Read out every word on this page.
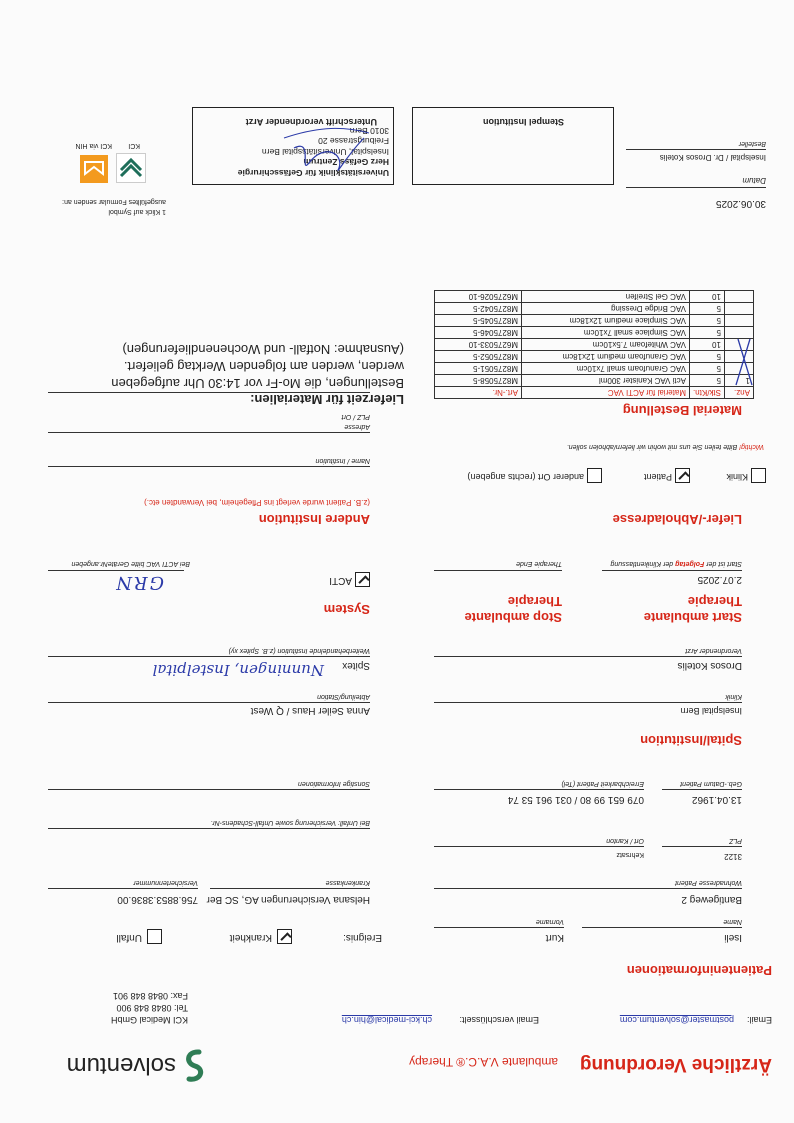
Ärztliche Verordnung
ambulante V.A.C.® Therapy
solventum
Email:
postmaster@solventum.com
Email verschlüsselt:
ch.kci-medical@hin.ch
KCI Medical GmbH
Tel: 0848 848 900
Fax: 0848 848 901
Patienteninformationen
Iseli
Name
Kurt
Vorname
Ereignis:
Krankheit
Unfall
Bantigeweg 2
Wohnadresse Patient
Helsana Versicherungen AG, SC Ber
Krankenkasse
756.8853.3836.00
Versichertennummer
3122
PLZ
Kehrsatz
Ort / Kanton
Bei Unfall: Versicherung sowie Unfall-Schadens-Nr.
13.04.1962
Geb.-Datum Patient
079 651 99 80 / 031 961 53 74
Erreichbarkeit Patient (Tel)
Sonstige Informationen
Spital/Institution
Inselspital Bern
Klinik
Anna Seiler Haus / Q West
Abteilung/Station
Drosos Kotelis
Verordnender Arzt
Spitex
Nunningen, Instelpital
Weiterbehandelnde Institution (z.B. Spitex xy)
Start ambulante Therapie
Stop ambulante Therapie
System
2.07.2025
Start ist der Folgetag der Klinikentlassung
Therapie Ende
ACTI
GRN
Bei ACTI VAC bitte GeräteNr.angeben
Liefer-/Abholadresse
Andere Institution
(z.B. Patient wurde verlegt ins Pflegeheim, bei Verwandten etc.)
Klinik
Patient
anderer Ort (rechts angeben)
Wichtig! Bitte teilen Sie uns mit wohin wir liefern/abholen sollen.
Name / Institution
Adresse
PLZ / Ort	Material Bestellung
Anz.	Stk/Ktn.	Material für ACTI VAC	Art.-Nr.
1	5	Acti VAC Kanister 300ml	M8275058-5
	5	VAC Granufoam small 7x10cm	M8275051-5
	5	VAC Granufoam medium 12x18cm	M8275052-5
	10	VAC Whitefoam 7.5x10cm	M6275033-10
	5	VAC Simplace small 7x10cm	M8275046-5
	5	VAC Simplace medium 12x18cm	M8275045-5
	5	VAC Bridge Dressing	M8275042-5
	10	VAC Gel Streifen	M6275026-10
Lieferzeit für Materialien:
Bestellungen, die Mo-Fr vor 14:30 Uhr aufgegeben
werden, werden am folgenden Werktag geliefert.
(Ausnahme: Notfall- und Wochenendlieferungen)
30.06.2025
Datum
Inselspital / Dr. Drosos Kotelis
Besteller
Stempel Institution
Universitätsklinik für Gefässchirurgie
Herz Gefäss Zentrum
Inselspital, Universitätsspital Bern
Freiburgstrasse 20
3010 Bern
Unterschrift verordnender Arzt
1 Klick auf Symbol
ausgefülltes Formular senden an:
KCI
KCI via HIN
